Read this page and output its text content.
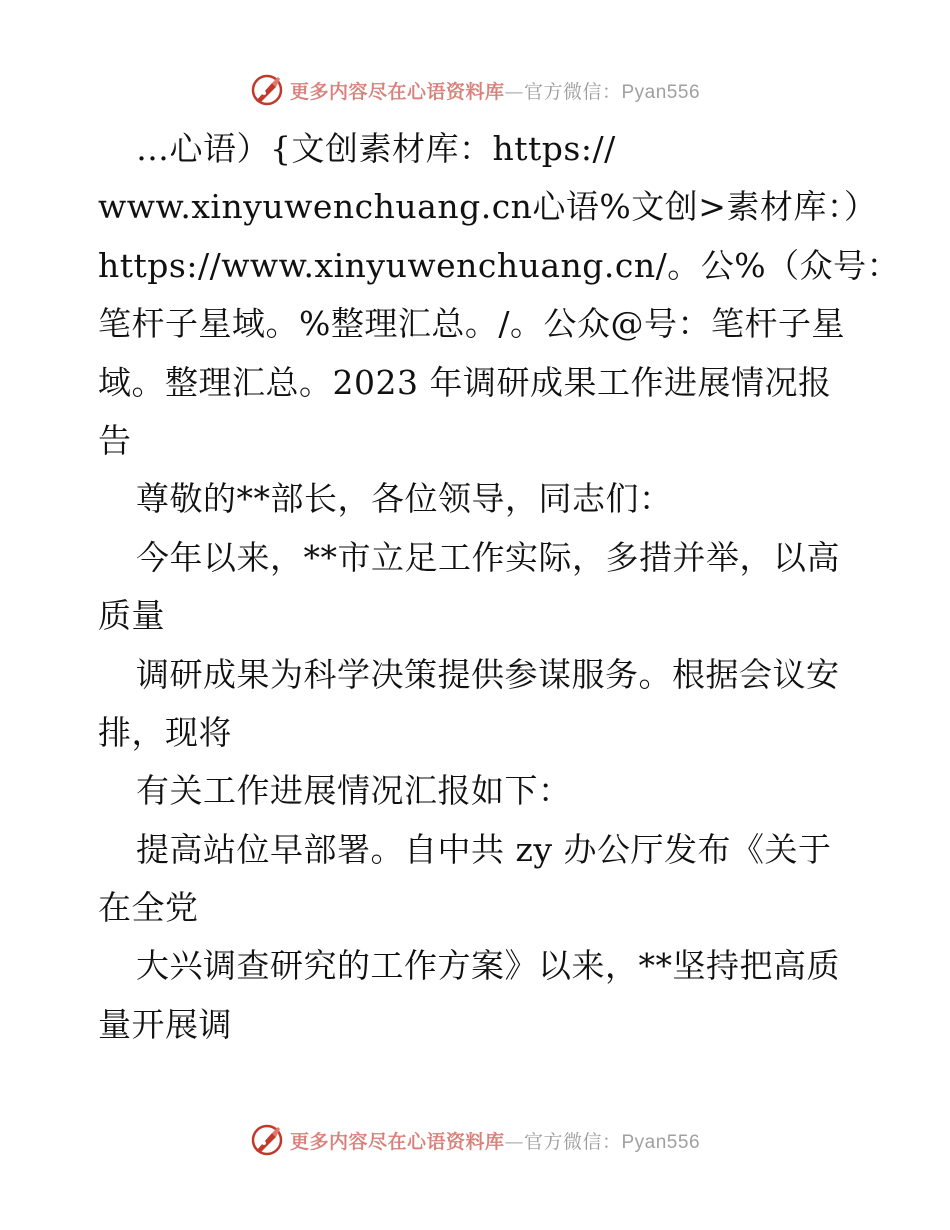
更多内容尽在心语资料库—官方微信：Pyan556
…心语）{文创素材库：https://
www.xinyuwenchuang.cn心语%文创>素材库：）
https://www.xinyuwenchuang.cn/。公%（众号：
笔杆子星域。%整理汇总。/。公众@号：笔杆子星
域。整理汇总。2023 年调研成果工作进展情况报
告
尊敬的**部长，各位领导，同志们：
今年以来，**市立足工作实际，多措并举，以高
质量
调研成果为科学决策提供参谋服务。根据会议安
排，现将
有关工作进展情况汇报如下：
提高站位早部署。自中共 zy 办公厅发布《关于
在全党
大兴调查研究的工作方案》以来，**坚持把高质
量开展调
更多内容尽在心语资料库—官方微信：Pyan556
